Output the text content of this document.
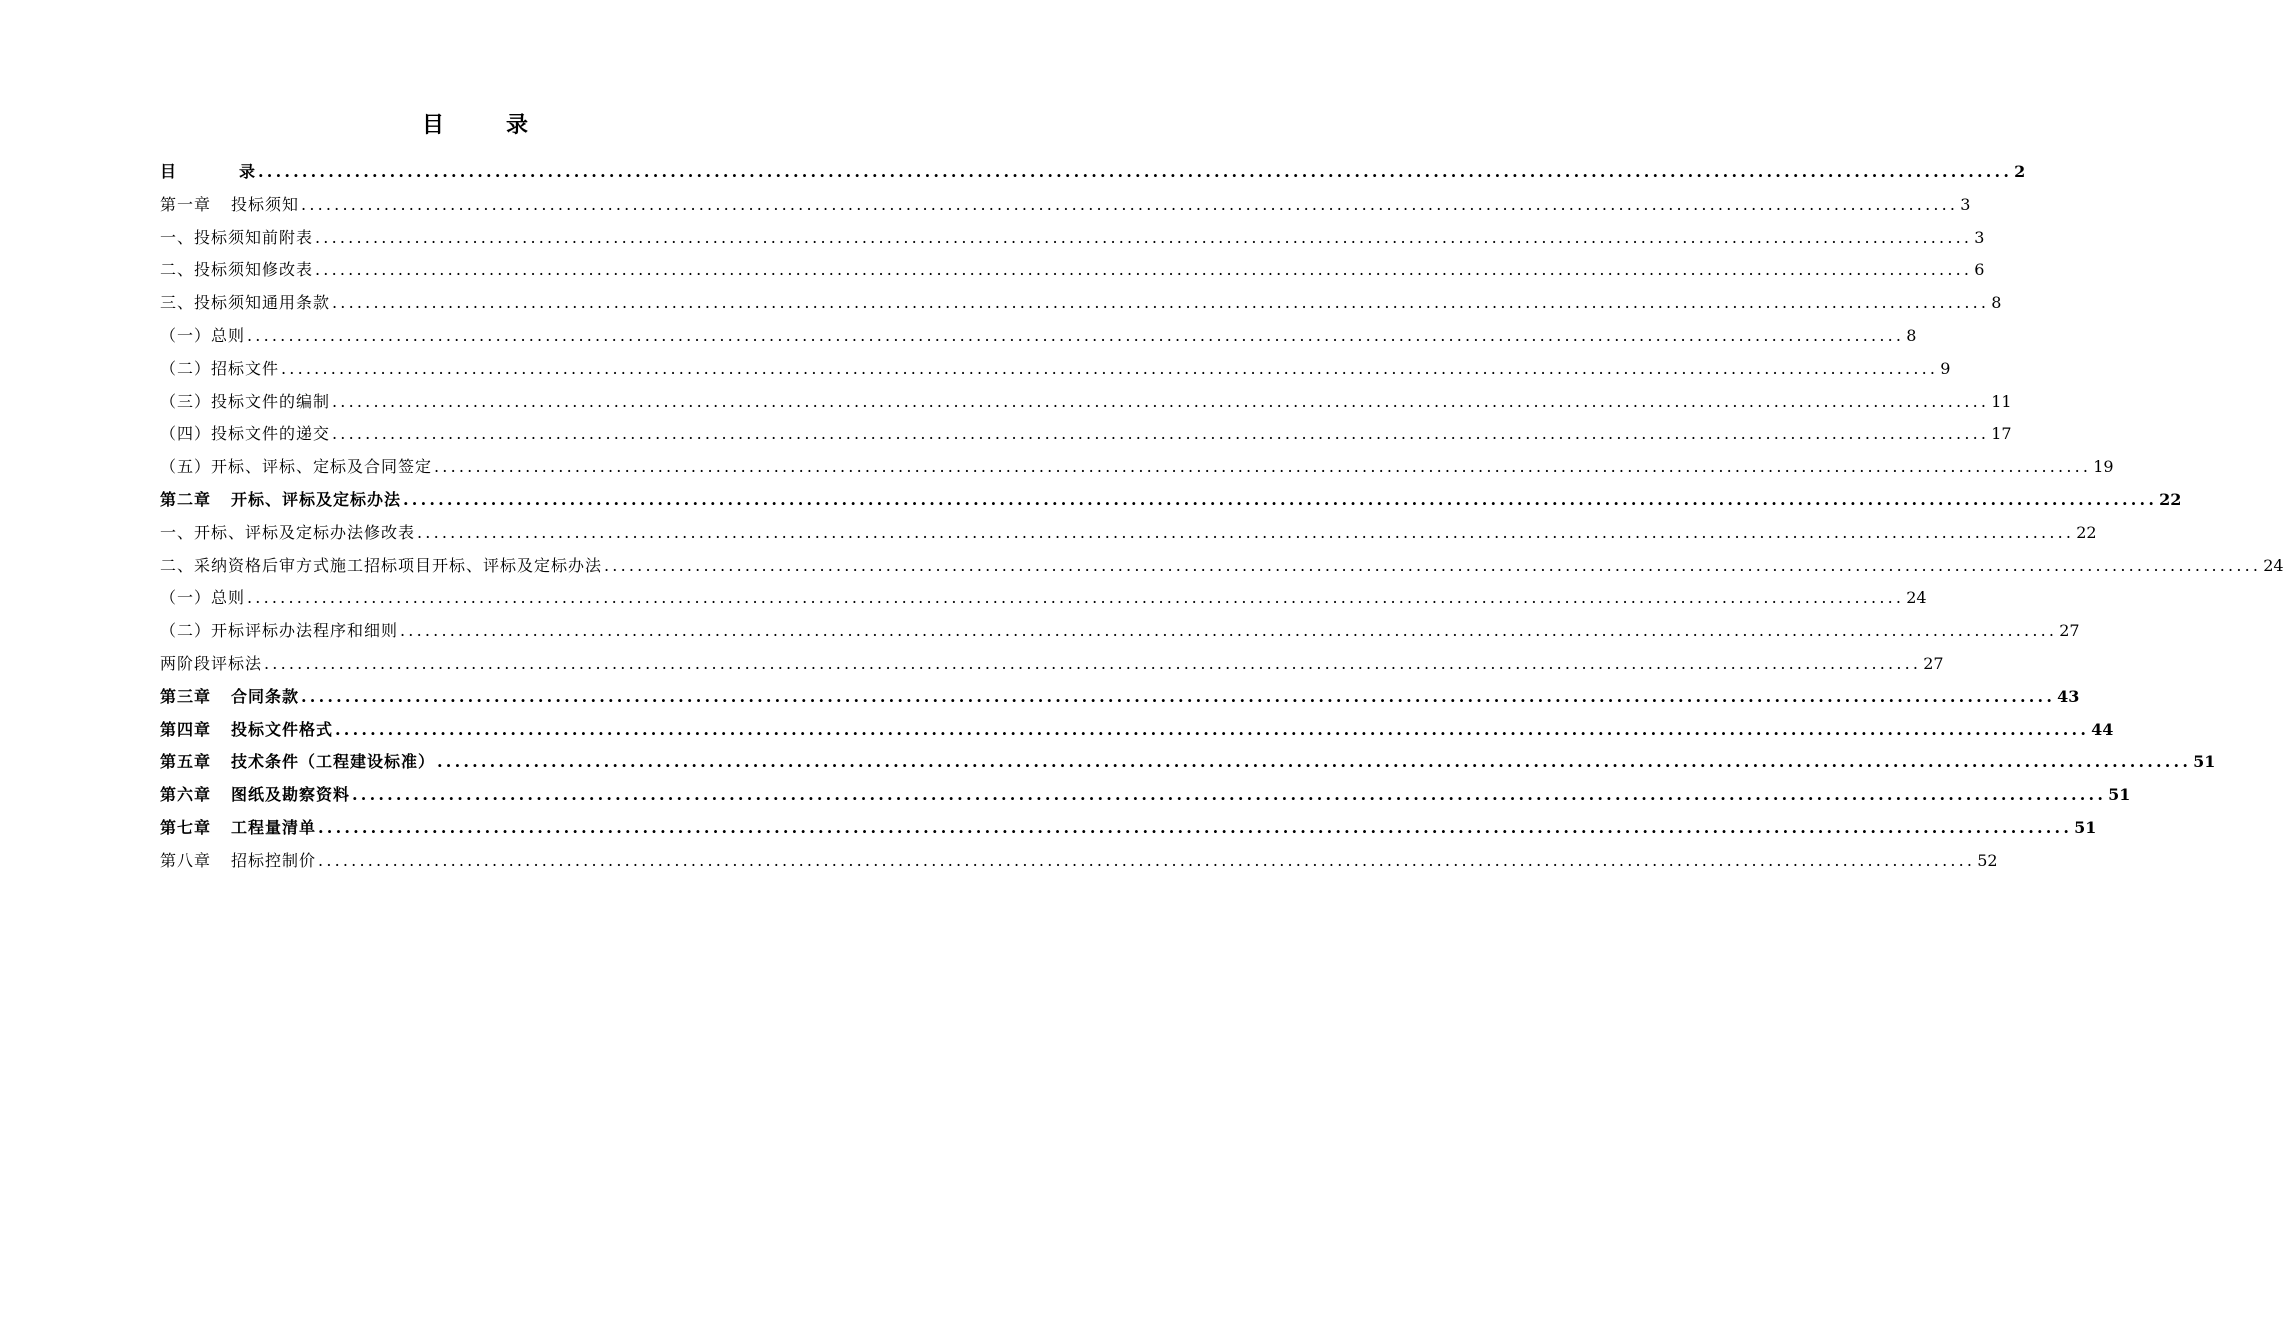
目	录
目	录 ........................................................................................................................................................................................................ 2
第一章 投标须知 ........................................................................................................................................................................................................ 3
一、投标须知前附表 ........................................................................................................................................................................................................ 3
二、投标须知修改表 ........................................................................................................................................................................................................ 6
三、投标须知通用条款 ........................................................................................................................................................................................................ 8
（一）总则 ........................................................................................................................................................................................................ 8
（二）招标文件 ........................................................................................................................................................................................................ 9
（三）投标文件的编制 ........................................................................................................................................................................................................ 11
（四）投标文件的递交 ........................................................................................................................................................................................................ 17
（五）开标、评标、定标及合同签定 ........................................................................................................................................................................................................ 19
第二章 开标、评标及定标办法 ........................................................................................................................................................................................................ 22
一、开标、评标及定标办法修改表 ........................................................................................................................................................................................................ 22
二、采纳资格后审方式施工招标项目开标、评标及定标办法 ........................................................................................................................................................................................................ 24
（一）总则 ........................................................................................................................................................................................................ 24
（二）开标评标办法程序和细则 ........................................................................................................................................................................................................ 27
两阶段评标法 ........................................................................................................................................................................................................ 27
第三章 合同条款 ........................................................................................................................................................................................................ 43
第四章 投标文件格式 ........................................................................................................................................................................................................ 44
第五章 技术条件（工程建设标准） ........................................................................................................................................................................................................ 51
第六章 图纸及勘察资料 ........................................................................................................................................................................................................ 51
第七章 工程量清单 ........................................................................................................................................................................................................ 51
第八章 招标控制价 ........................................................................................................................................................................................................ 52
